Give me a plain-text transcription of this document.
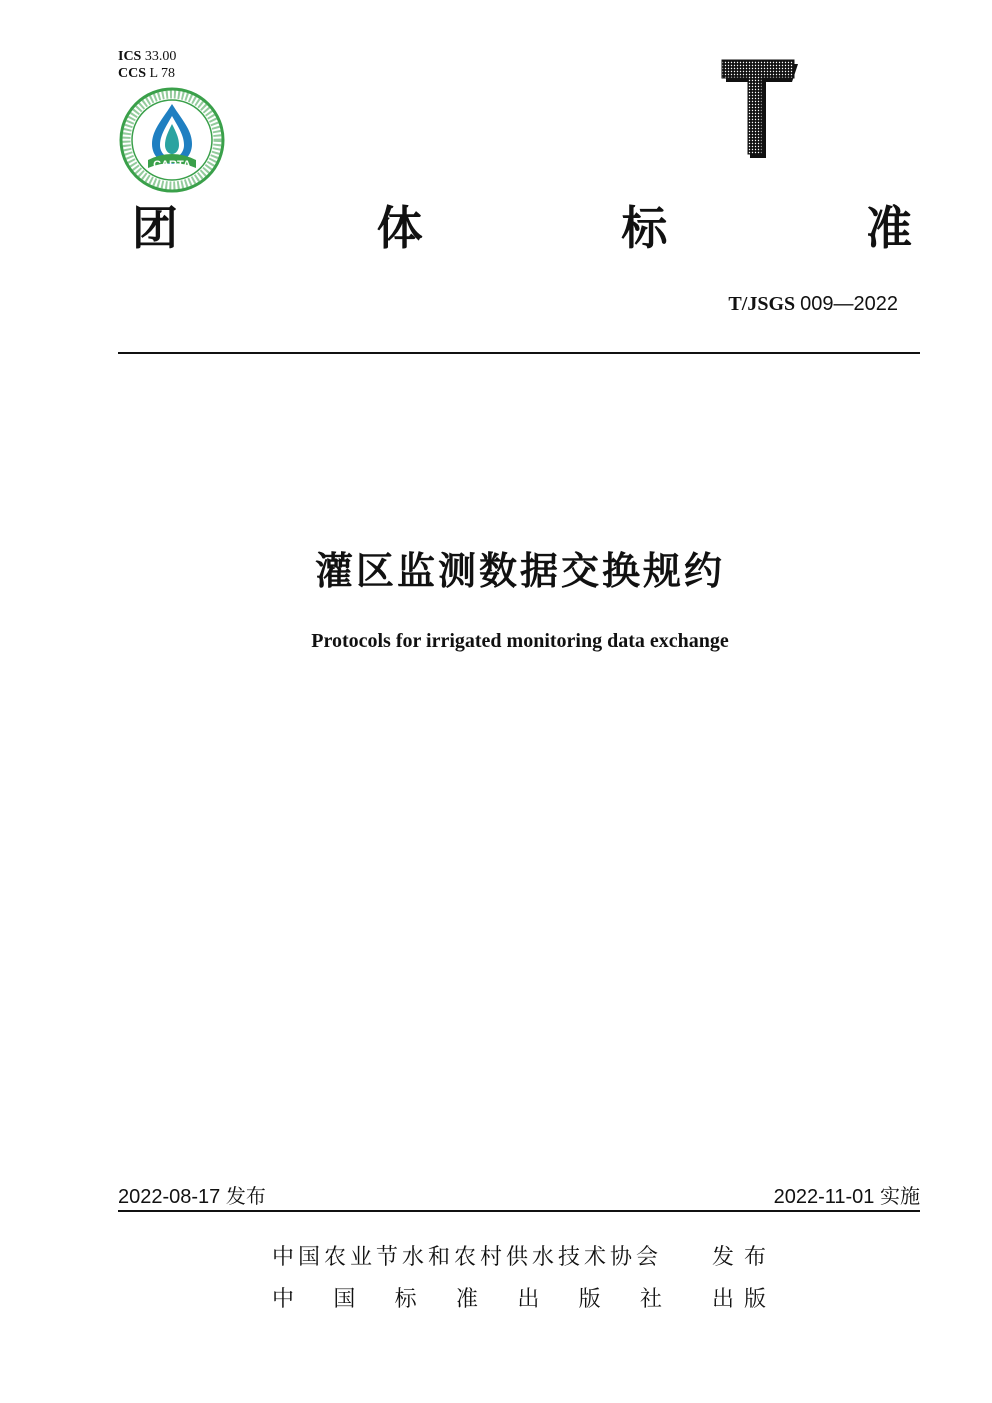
ICS 33.00
CCS L 78
CARTA
团	体	标	准
T/JSGS 009—2022
灌区监测数据交换规约
Protocols for irrigated monitoring data exchange
2022-08-17 发布	2022-11-01 实施
中国农业节水和农村供水技术协会 发布
中 国 标 准 出 版 社 出版
